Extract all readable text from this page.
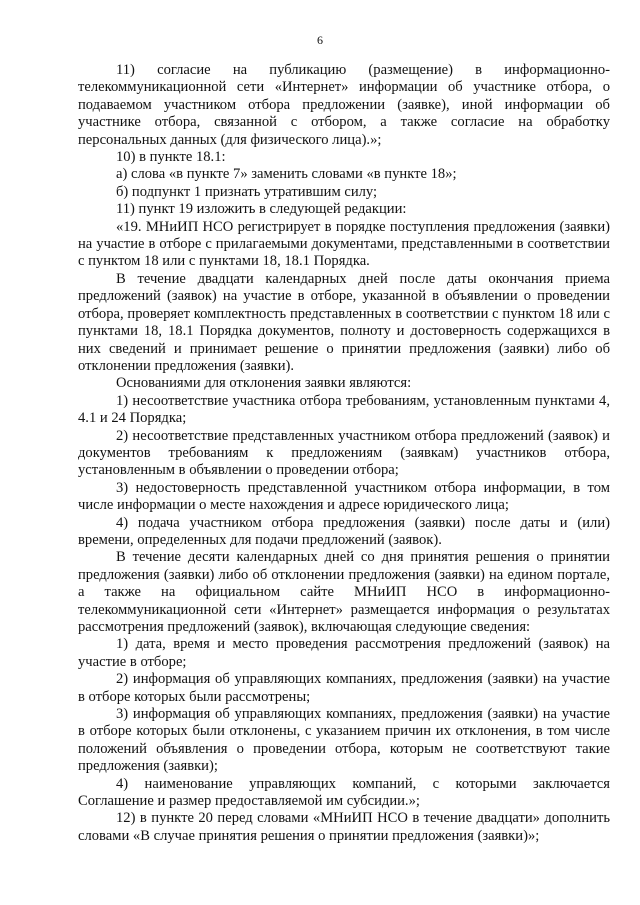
6

11) согласие на публикацию (размещение) в информационно-телекоммуникационной сети «Интернет» информации об участнике отбора, о подаваемом участником отбора предложении (заявке), иной информации об участнике отбора, связанной с отбором, а также согласие на обработку персональных данных (для физического лица).»;

10) в пункте 18.1:

а) слова «в пункте 7» заменить словами «в пункте 18»;

б) подпункт 1 признать утратившим силу;

11) пункт 19 изложить в следующей редакции:

«19. МНиИП НСО регистрирует в порядке поступления предложения (заявки) на участие в отборе с прилагаемыми документами, представленными в соответствии с пунктом 18 или с пунктами 18, 18.1 Порядка.

В течение двадцати календарных дней после даты окончания приема предложений (заявок) на участие в отборе, указанной в объявлении о проведении отбора, проверяет комплектность представленных в соответствии с пунктом 18 или с пунктами 18, 18.1 Порядка документов, полноту и достоверность содержащихся в них сведений и принимает решение о принятии предложения (заявки) либо об отклонении предложения (заявки).

Основаниями для отклонения заявки являются:

1) несоответствие участника отбора требованиям, установленным пунктами 4, 4.1 и 24 Порядка;

2) несоответствие представленных участником отбора предложений (заявок) и документов требованиям к предложениям (заявкам) участников отбора, установленным в объявлении о проведении отбора;

3) недостоверность представленной участником отбора информации, в том числе информации о месте нахождения и адресе юридического лица;

4) подача участником отбора предложения (заявки) после даты и (или) времени, определенных для подачи предложений (заявок).

В течение десяти календарных дней со дня принятия решения о принятии предложения (заявки) либо об отклонении предложения (заявки) на едином портале, а также на официальном сайте МНиИП НСО в информационно-телекоммуникационной сети «Интернет» размещается информация о результатах рассмотрения предложений (заявок), включающая следующие сведения:

1) дата, время и место проведения рассмотрения предложений (заявок) на участие в отборе;

2) информация об управляющих компаниях, предложения (заявки) на участие в отборе которых были рассмотрены;

3) информация об управляющих компаниях, предложения (заявки) на участие в отборе которых были отклонены, с указанием причин их отклонения, в том числе положений объявления о проведении отбора, которым не соответствуют такие предложения (заявки);

4) наименование управляющих компаний, с которыми заключается Соглашение и размер предоставляемой им субсидии.»;

12) в пункте 20 перед словами «МНиИП НСО в течение двадцати» дополнить словами «В случае принятия решения о принятии предложения (заявки)»;
